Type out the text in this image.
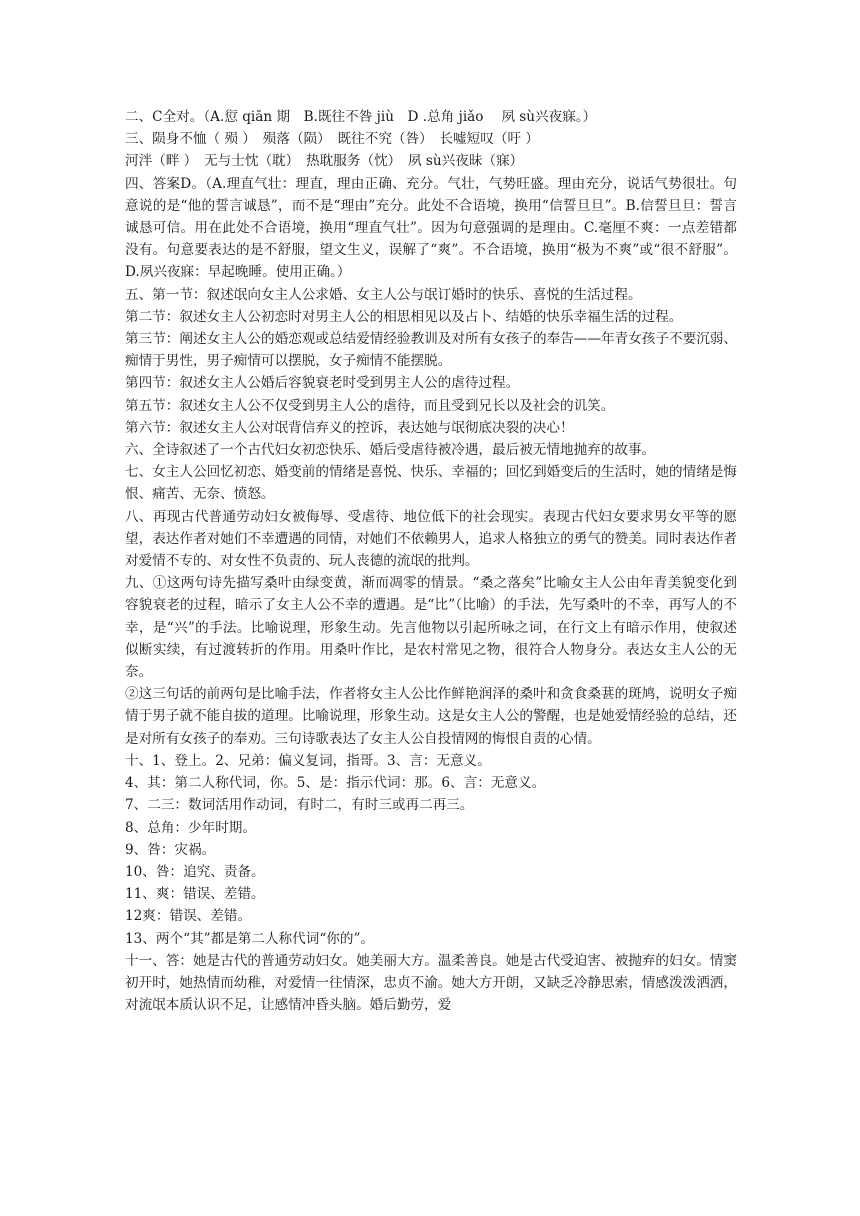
二、C全对。（A.愆 qiān 期　B.既往不咎 jiù　D .总角 jiǎo　 夙 sù兴夜寐。）

三、陨身不恤（ 殒 ）　殒落（陨）　既往不究（咎）　长噓短叹（吁 ）

河泮（畔 ）　无与士忱（耽）　热耽服务（忱）　夙 sù兴夜昧（寐）

四、答案D。（A.理直气壮：理直，理由正确、充分。气壮，气势旺盛。理由充分，说话气势很壮。句意说的是“他的誓言诚恳”，而不是“理由”充分。此处不合语境，换用“信誓旦旦”。B.信誓旦旦：誓言诚恳可信。用在此处不合语境，换用“理直气壮”。因为句意强调的是理由。C.毫厘不爽：一点差错都没有。句意要表达的是不舒服，望文生义，误解了“爽”。不合语境，换用“极为不爽”或“很不舒服”。 D.夙兴夜寐：早起晚睡。使用正确。）

五、第一节：叙述氓向女主人公求婚、女主人公与氓订婚时的快乐、喜悦的生活过程。

第二节：叙述女主人公初恋时对男主人公的相思相见以及占卜、结婚的快乐幸福生活的过程。

第三节：阐述女主人公的婚恋观或总结爱情经验教训及对所有女孩子的奉告——年青女孩子不要沉弱、痴情于男性，男子痴情可以摆脱，女子痴情不能摆脱。

第四节：叙述女主人公婚后容貌衰老时受到男主人公的虐待过程。

第五节：叙述女主人公不仅受到男主人公的虐待，而且受到兄长以及社会的讥笑。

第六节：叙述女主人公对氓背信弃义的控诉，表达她与氓彻底决裂的决心！

六、全诗叙述了一个古代妇女初恋快乐、婚后受虐待被冷遇，最后被无情地抛弃的故事。

七、女主人公回忆初恋、婚变前的情绪是喜悦、快乐、幸福的；回忆到婚变后的生活时，她的情绪是悔恨、痛苦、无奈、愤怒。

八、再现古代普通劳动妇女被侮辱、受虐待、地位低下的社会现实。表现古代妇女要求男女平等的愿望，表达作者对她们不幸遭遇的同情，对她们不依赖男人，追求人格独立的勇气的赞美。同时表达作者对爱情不专的、对女性不负责的、玩人丧德的流氓的批判。

九、①这两句诗先描写桑叶由绿变黄，渐而凋零的情景。“桑之落矣”比喻女主人公由年青美貌变化到容貌衰老的过程，暗示了女主人公不幸的遭遇。是“比”（比喻）的手法，先写桑叶的不幸，再写人的不幸，是“兴”的手法。比喻说理，形象生动。先言他物以引起所咏之词，在行文上有暗示作用，使叙述似断实续，有过渡转折的作用。用桑叶作比，是农村常见之物，很符合人物身分。表达女主人公的无奈。

②这三句话的前两句是比喻手法，作者将女主人公比作鲜艳润泽的桑叶和贪食桑葚的斑鸠，说明女子痴情于男子就不能自拔的道理。比喻说理，形象生动。这是女主人公的警醒，也是她爱情经验的总结，还是对所有女孩子的奉劝。三句诗歌表达了女主人公自投情网的悔恨自责的心情。

十、1、登上。2、兄弟：偏义复词，指哥。3、言：无意义。

4、其：第二人称代词，你。5、是：指示代词：那。6、言：无意义。

7、二三：数词活用作动词，有时二，有时三或再二再三。

8、总角：少年时期。

9、咎：灾祸。

10、咎：追究、责备。

11、爽：错误、差错。

12爽：错误、差错。

13、两个“其”都是第二人称代词“你的”。

十一、答：她是古代的普通劳动妇女。她美丽大方。温柔善良。她是古代受迫害、被抛弃的妇女。情窦初开时，她热情而幼稚，对爱情一往情深，忠贞不渝。她大方开朗，又缺乏冷静思索，情感泼泼洒洒，对流氓本质认识不足，让感情冲昏头脑。婚后勤劳，爱
